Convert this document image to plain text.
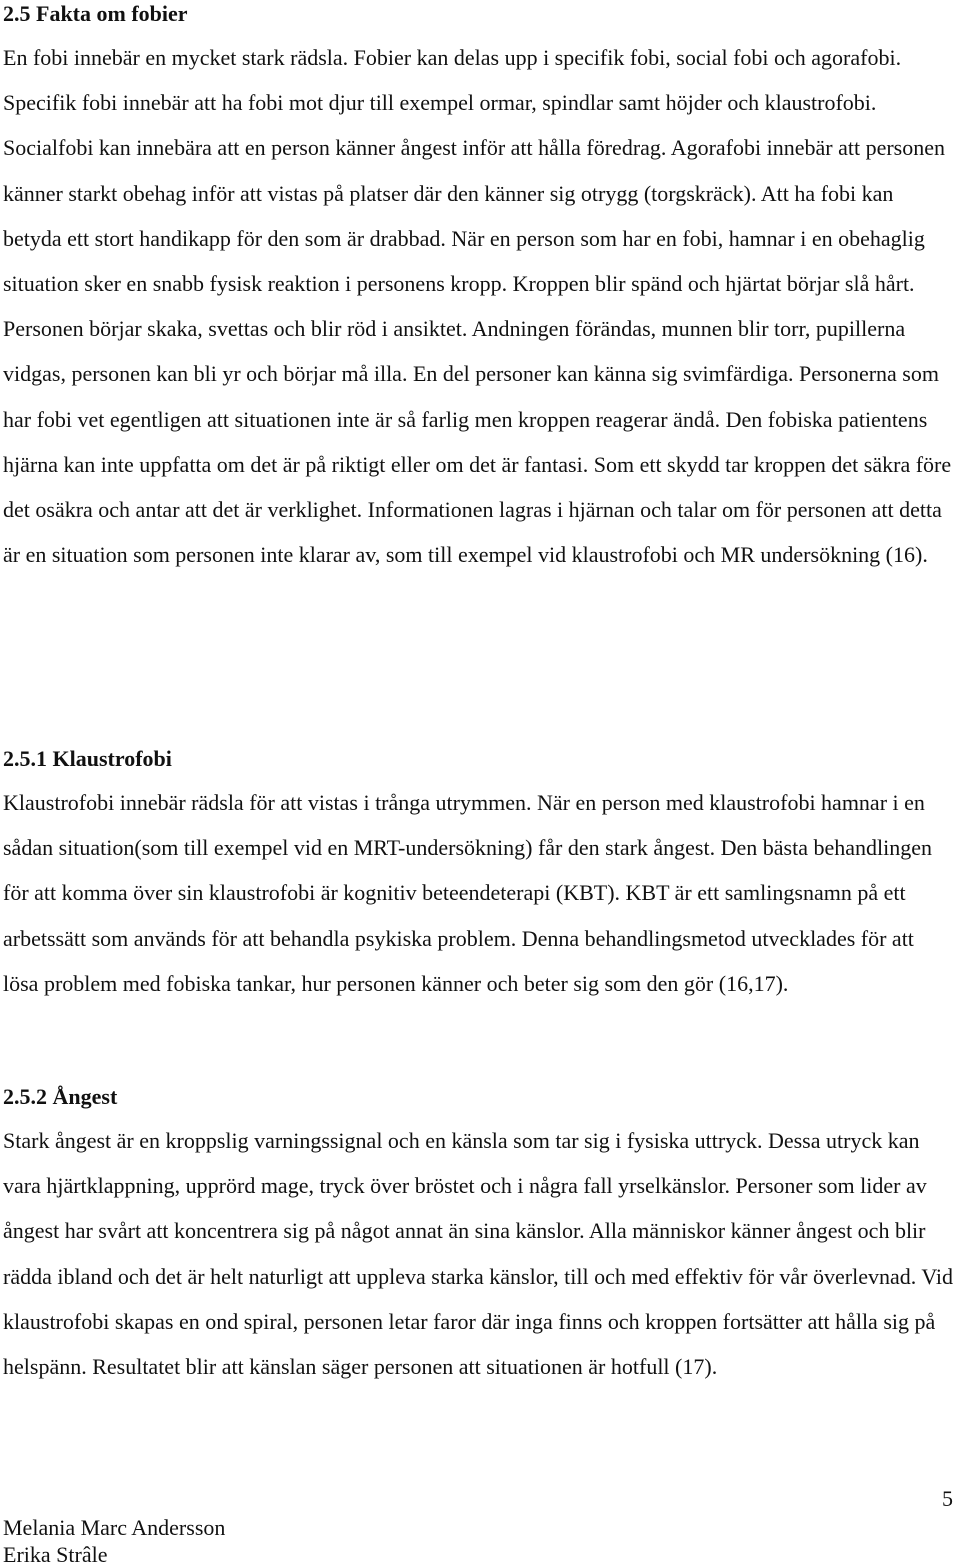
2.5 Fakta om fobier

En fobi innebär en mycket stark rädsla. Fobier kan delas upp i specifik fobi, social fobi och agorafobi. Specifik fobi innebär att ha fobi mot djur till exempel ormar, spindlar samt höjder och klaustrofobi. Socialfobi kan innebära att en person känner ångest inför att hålla föredrag. Agorafobi innebär att personen känner starkt obehag inför att vistas på platser där den känner sig otrygg (torgskräck). Att ha fobi kan betyda ett stort handikapp för den som är drabbad. När en person som har en fobi, hamnar i en obehaglig situation sker en snabb fysisk reaktion i personens kropp. Kroppen blir spänd och hjärtat börjar slå hårt. Personen börjar skaka, svettas och blir röd i ansiktet. Andningen förändas, munnen blir torr, pupillerna vidgas, personen kan bli yr och börjar må illa. En del personer kan känna sig svimfärdiga. Personerna som har fobi vet egentligen att situationen inte är så farlig men kroppen reagerar ändå. Den fobiska patientens hjärna kan inte uppfatta om det är på riktigt eller om det är fantasi. Som ett skydd tar kroppen det säkra före det osäkra och antar att det är verklighet. Informationen lagras i hjärnan och talar om för personen att detta är en situation som personen inte klarar av, som till exempel vid klaustrofobi och MR undersökning (16).

2.5.1 Klaustrofobi

Klaustrofobi innebär rädsla för att vistas i trånga utrymmen. När en person med klaustrofobi hamnar i en sådan situation(som till exempel vid en MRT-undersökning) får den stark ångest. Den bästa behandlingen för att komma över sin klaustrofobi är kognitiv beteendeterapi (KBT). KBT är ett samlingsnamn på ett arbetssätt som används för att behandla psykiska problem. Denna behandlingsmetod utvecklades för att lösa problem med fobiska tankar, hur personen känner och beter sig som den gör (16,17).

2.5.2 Ångest

Stark ångest är en kroppslig varningssignal och en känsla som tar sig i fysiska uttryck. Dessa utryck kan vara hjärtklappning, upprörd mage, tryck över bröstet och i några fall yrselkänslor. Personer som lider av ångest har svårt att koncentrera sig på något annat än sina känslor. Alla människor känner ångest och blir rädda ibland och det är helt naturligt att uppleva starka känslor, till och med effektiv för vår överlevnad. Vid klaustrofobi skapas en ond spiral, personen letar faror där inga finns och kroppen fortsätter att hålla sig på helspänn. Resultatet blir att känslan säger personen att situationen är hotfull (17).

5
Melania Marc Andersson
Erika Strâle
